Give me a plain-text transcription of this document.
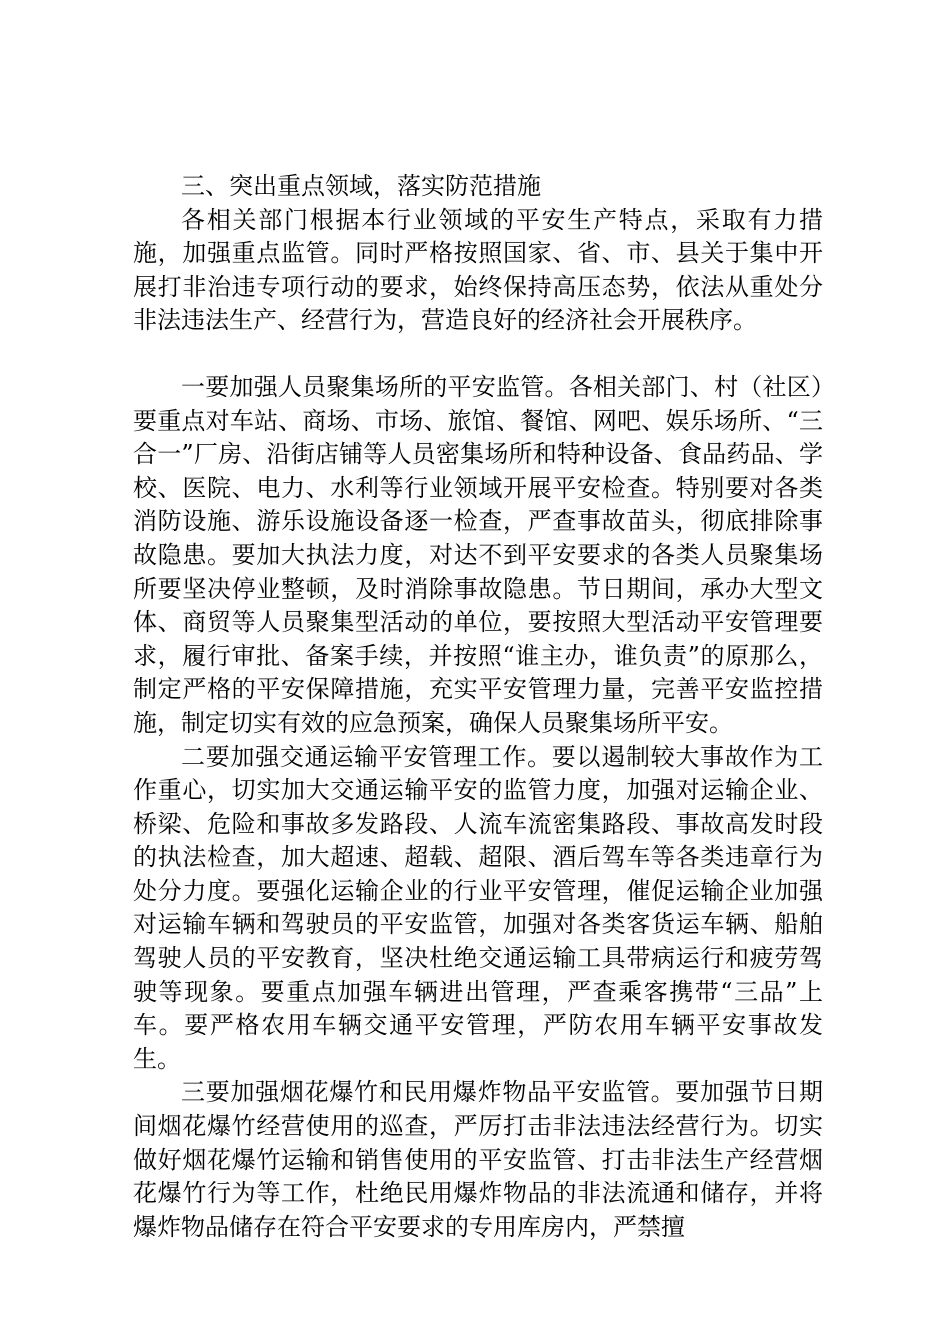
三、突出重点领域，落实防范措施

各相关部门根据本行业领域的平安生产特点，采取有力措施，加强重点监管。同时严格按照国家、省、市、县关于集中开展打非治违专项行动的要求，始终保持高压态势，依法从重处分非法违法生产、经营行为，营造良好的经济社会开展秩序。

一要加强人员聚集场所的平安监管。各相关部门、村（社区）要重点对车站、商场、市场、旅馆、餐馆、网吧、娱乐场所、“三合一”厂房、沿街店铺等人员密集场所和特种设备、食品药品、学校、医院、电力、水利等行业领域开展平安检查。特别要对各类消防设施、游乐设施设备逐一检查，严查事故苗头，彻底排除事故隐患。要加大执法力度，对达不到平安要求的各类人员聚集场所要坚决停业整顿，及时消除事故隐患。节日期间，承办大型文体、商贸等人员聚集型活动的单位，要按照大型活动平安管理要求，履行审批、备案手续，并按照“谁主办，谁负责”的原那么，制定严格的平安保障措施，充实平安管理力量，完善平安监控措施，制定切实有效的应急预案，确保人员聚集场所平安。

二要加强交通运输平安管理工作。要以遏制较大事故作为工作重心，切实加大交通运输平安的监管力度，加强对运输企业、桥梁、危险和事故多发路段、人流车流密集路段、事故高发时段的执法检查，加大超速、超载、超限、酒后驾车等各类违章行为处分力度。要强化运输企业的行业平安管理，催促运输企业加强对运输车辆和驾驶员的平安监管，加强对各类客货运车辆、船舶驾驶人员的平安教育，坚决杜绝交通运输工具带病运行和疲劳驾驶等现象。要重点加强车辆进出管理，严查乘客携带“三品”上车。要严格农用车辆交通平安管理，严防农用车辆平安事故发生。

三要加强烟花爆竹和民用爆炸物品平安监管。要加强节日期间烟花爆竹经营使用的巡查，严厉打击非法违法经营行为。切实做好烟花爆竹运输和销售使用的平安监管、打击非法生产经营烟花爆竹行为等工作，杜绝民用爆炸物品的非法流通和储存，并将爆炸物品储存在符合平安要求的专用库房内，严禁擅
